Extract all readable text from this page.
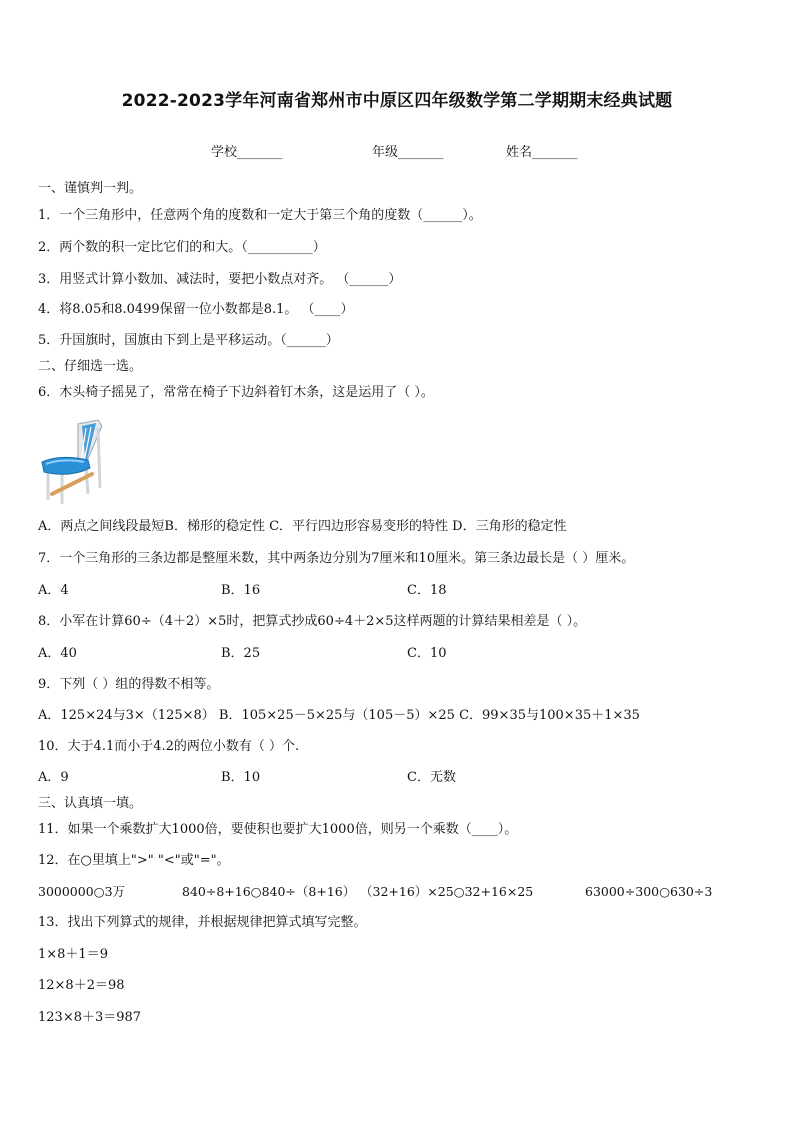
2022-2023学年河南省郑州市中原区四年级数学第二学期期末经典试题
学校_______	年级_______	姓名_______
一、谨慎判一判。
1．一个三角形中，任意两个角的度数和一定大于第三个角的度数（______）。
2．两个数的积一定比它们的和大。（__________）
3．用竖式计算小数加、减法时，要把小数点对齐。 （______）
4．将8.05和8.0499保留一位小数都是8.1。 （____）
5．升国旗时，国旗由下到上是平移运动。（______）
二、仔细选一选。
6．木头椅子摇晃了，常常在椅子下边斜着钉木条，这是运用了（ ）。
A．两点之间线段最短B．梯形的稳定性 C．平行四边形容易变形的特性 D．三角形的稳定性
7．一个三角形的三条边都是整厘米数，其中两条边分别为7厘米和10厘米。第三条边最长是（ ）厘米。
A．4	B．16	C．18
8．小军在计算60÷（4＋2）×5时，把算式抄成60÷4＋2×5这样两题的计算结果相差是（ ）。
A．40	B．25	C．10
9．下列（ ）组的得数不相等。
A．125×24与3×（125×8） B．105×25－5×25与（105－5）×25 C．99×35与100×35＋1×35
10．大于4.1而小于4.2的两位小数有（ ）个.
A．9	B．10	C．无数
三、认真填一填。
11．如果一个乘数扩大1000倍，要使积也要扩大1000倍，则另一个乘数（____）。
12．在○里填上">" "<"或"="。
3000000○3万	840÷8+16○840÷（8+16） （32+16）×25○32+16×25	63000÷300○630÷3
13．找出下列算式的规律，并根据规律把算式填写完整。
1×8＋1＝9
12×8＋2＝98
123×8＋3＝987
